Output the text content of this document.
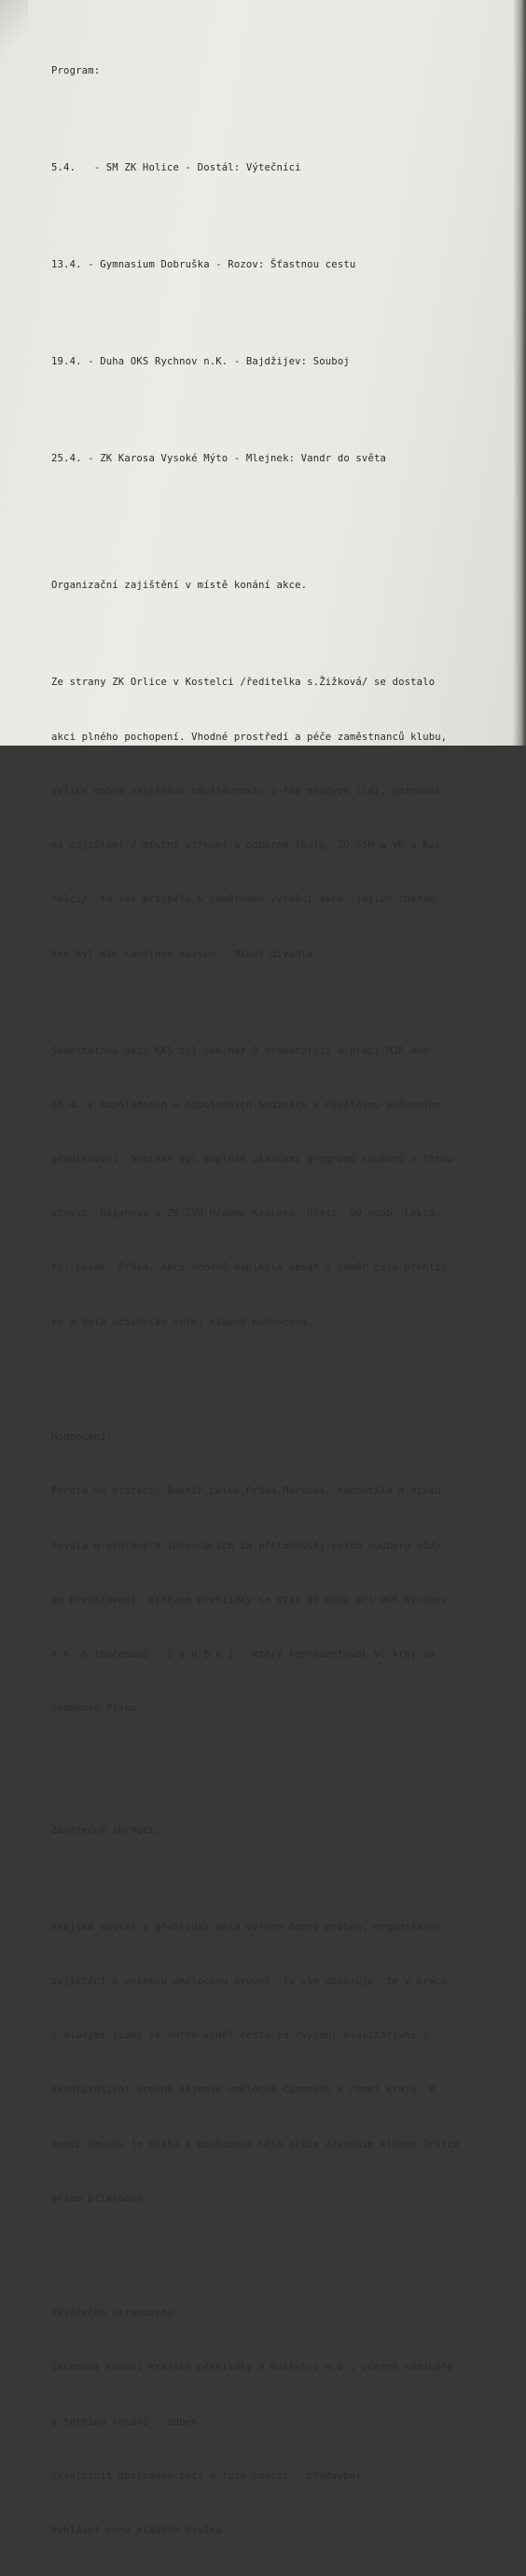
Program:

5.4.   - SM ZK Holice - Dostál: Výtečníci

13.4. - Gymnasium Dobruška - Rozov: Šťastnou cestu

19.4. - Duha OKS Rychnov n.K. - Bajdžijev: Souboj

25.4. - ZK Karosa Vysoké Mýto - Mlejnek: Vandr do světa

Organizační zajištění v místě konání akce.

Ze strany ZK Orlice v Kostelci /ředitelka s.Žižková/ se dostalo

akci plného pochopení. Vhodné prostředí a péče zaměstnanců klubu,

velice dobré zajištění návštěvnosti z řad mladých lidí, patronát-

ní zajištění / místní střední a odborné školy, ZO SSM a VŮ v Kos-

telci/, to vše přispělo k záměrnému vyznění akce, jejích charak-

ter byl dán samotným názvem - Mladé divadlo.

Samostatnou akcí KKS byl seminář O dramaturgii a práci MJF dne

25.4. v dopoledních a odpoledních hodinách s návštěvou večerního

představení. Seminář byl doplněn ukázkami programů souborů z Chrou-

stovic, Bojanova a ZK ZVÚ Hradec Králové. Účast: 90 osob. Lekto-

ři: Lelek, Průša. Akce vhodně doplnila obsah i záměr celé přehlíd-

ky a byla účastníky velmi kladně hodnocena.

Hodnocení:

Porota ve složení: Bahník,Lelek,Průša,Marková, hodnotila a disku-

tovala o sehraných inscenacích za přítomnosti celho souboru vždy

po představení. Vítězem přehlídky se stal DS Duha při OKS Rychnov

n.K. s inscenací   S o u b o j , který reprezentoval Vč kraj na

Šrámkově Písku.

Závěrečné shrnutí.

Krajská soutěž i přehlídka měla velice dobrý průběh, organizační

zajištění a vysokou uměleckou úroveň. To vše dokazuje, že v práci

s mladými lidmi je nutné vidět cestu za zvýšení kvalitativní i

kvantitativní úrovně zájmové umělecké činnosti v rámci kraje. V

tomto smyslu je snaha a pochopení této práce závodním klubem Orlice

přímo příkladné.

Závěrečné ustanovení:

Zachovat konání krajské přehlídky v Kostelci n.O., včetně semináře

a termínu konání - duben.

Zkvalitnit důslednou péči o tuto soutěž - předvýběr.

Vyhlásit cenu mladého diváka.
